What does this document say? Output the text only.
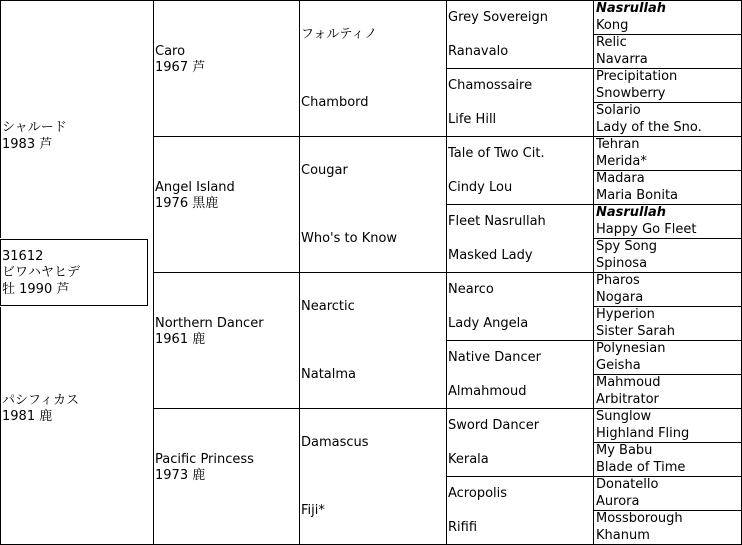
シャルード
1983 芦
31612
ビワハヤヒデ
牡 1990 芦
パシフィカス
1981 鹿
Caro
1967 芦
Angel Island
1976 黒鹿
Northern Dancer
1961 鹿
Pacific Princess
1973 鹿
フォルティノ
Chambord
Cougar
Who's to Know
Nearctic
Natalma
Damascus
Fiji*
Grey Sovereign
Ranavalo
Chamossaire
Life Hill
Tale of Two Cit.
Cindy Lou
Fleet Nasrullah
Masked Lady
Nearco
Lady Angela
Native Dancer
Almahmoud
Sword Dancer
Kerala
Acropolis
Rififi
Nasrullah
Kong
Relic
Navarra
Precipitation
Snowberry
Solario
Lady of the Sno.
Tehran
Merida*
Madara
Maria Bonita
Nasrullah
Happy Go Fleet
Spy Song
Spinosa
Pharos
Nogara
Hyperion
Sister Sarah
Polynesian
Geisha
Mahmoud
Arbitrator
Sunglow
Highland Fling
My Babu
Blade of Time
Donatello
Aurora
Mossborough
Khanum
